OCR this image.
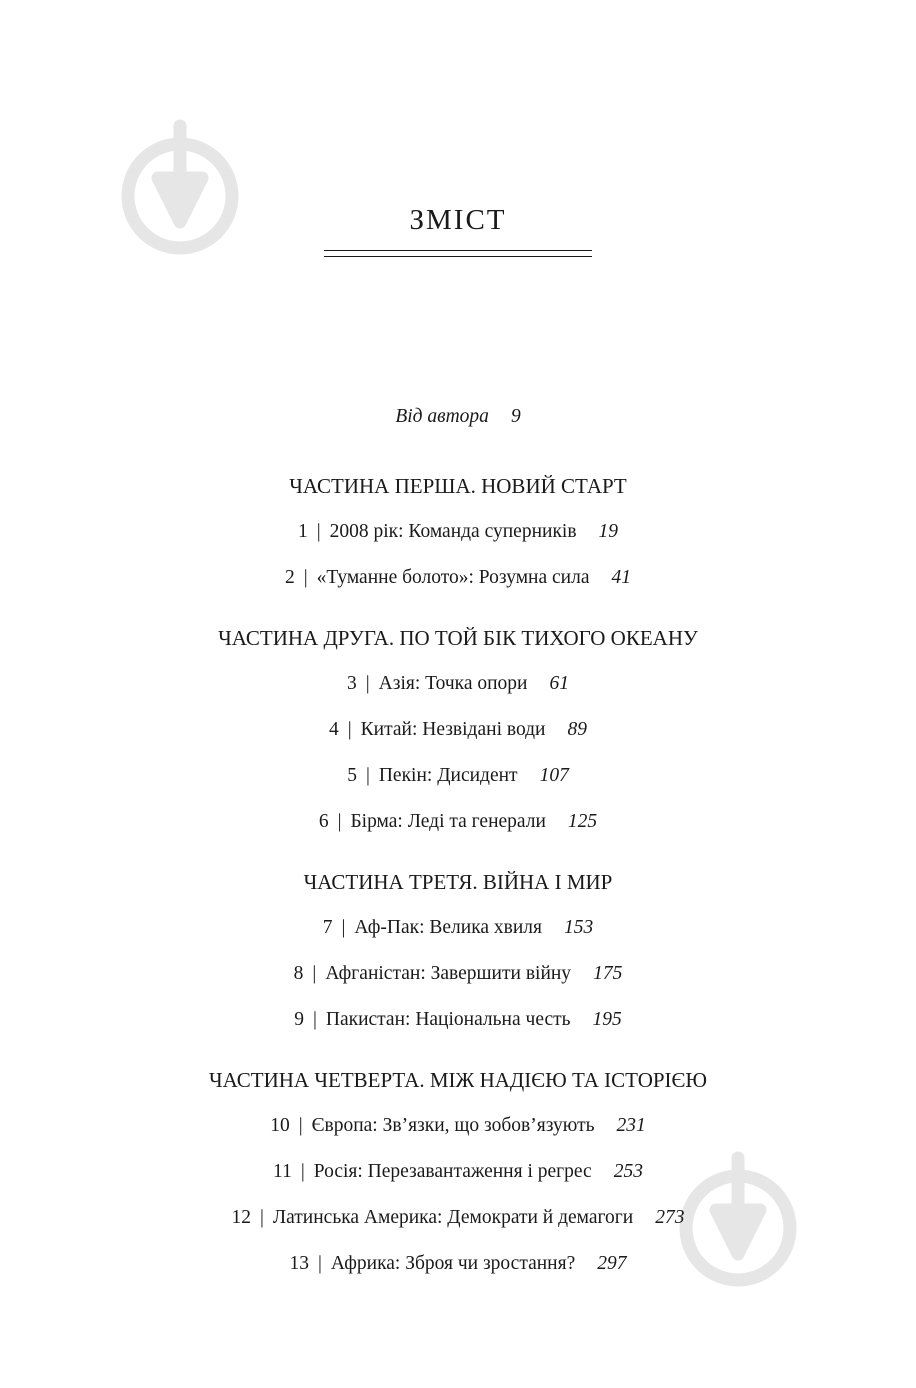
ЗМІСТ
Від автора 9
ЧАСТИНА ПЕРША. НОВИЙ СТАРТ
1 | 2008 рік: Команда суперників 19
2 | «Туманне болото»: Розумна сила 41
ЧАСТИНА ДРУГА. ПО ТОЙ БІК ТИХОГО ОКЕАНУ
3 | Азія: Точка опори 61
4 | Китай: Незвідані води 89
5 | Пекін: Дисидент 107
6 | Бірма: Леді та генерали 125
ЧАСТИНА ТРЕТЯ. ВІЙНА І МИР
7 | Аф-Пак: Велика хвиля 153
8 | Афганістан: Завершити війну 175
9 | Пакистан: Національна честь 195
ЧАСТИНА ЧЕТВЕРТА. МІЖ НАДІЄЮ ТА ІСТОРІЄЮ
10 | Європа: Зв’язки, що зобов’язують 231
11 | Росія: Перезавантаження і регрес 253
12 | Латинська Америка: Демократи й демагоги 273
13 | Африка: Зброя чи зростання? 297
